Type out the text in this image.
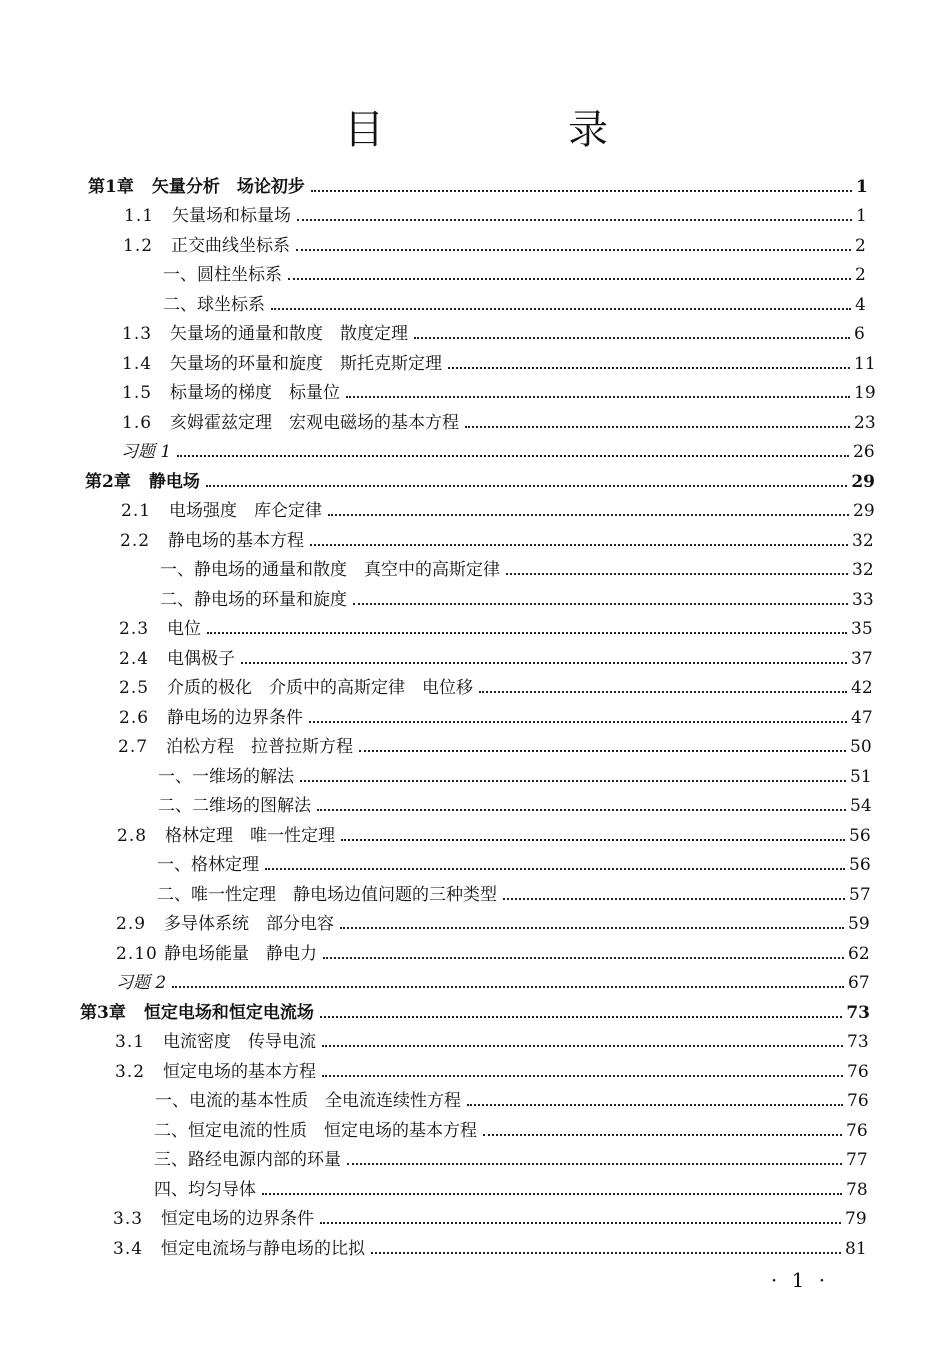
目　录
第1章 矢量分析　场论初步	1
1.1	矢量场和标量场	1
1.2	正交曲线坐标系	2
一、圆柱坐标系	2
二、球坐标系	4
1.3	矢量场的通量和散度　散度定理	6
1.4	矢量场的环量和旋度　斯托克斯定理	11
1.5	标量场的梯度　标量位	19
1.6	亥姆霍兹定理　宏观电磁场的基本方程	23
习题 1	26
第2章 静电场	29
2.1	电场强度　库仑定律	29
2.2	静电场的基本方程	32
一、静电场的通量和散度　真空中的高斯定律	32
二、静电场的环量和旋度	33
2.3	电位	35
2.4	电偶极子	37
2.5	介质的极化　介质中的高斯定律　电位移	42
2.6	静电场的边界条件	47
2.7	泊松方程　拉普拉斯方程	50
一、一维场的解法	51
二、二维场的图解法	54
2.8	格林定理　唯一性定理	56
一、格林定理	56
二、唯一性定理　静电场边值问题的三种类型	57
2.9	多导体系统　部分电容	59
2.10 静电场能量　静电力	62
习题 2	67
第3章 恒定电场和恒定电流场	73
3.1	电流密度　传导电流	73
3.2	恒定电场的基本方程	76
一、电流的基本性质　全电流连续性方程	76
二、恒定电流的性质　恒定电场的基本方程	76
三、路经电源内部的环量	77
四、均匀导体	78
3.3	恒定电场的边界条件	79
3.4	恒定电流场与静电场的比拟	81
· 1 ·
